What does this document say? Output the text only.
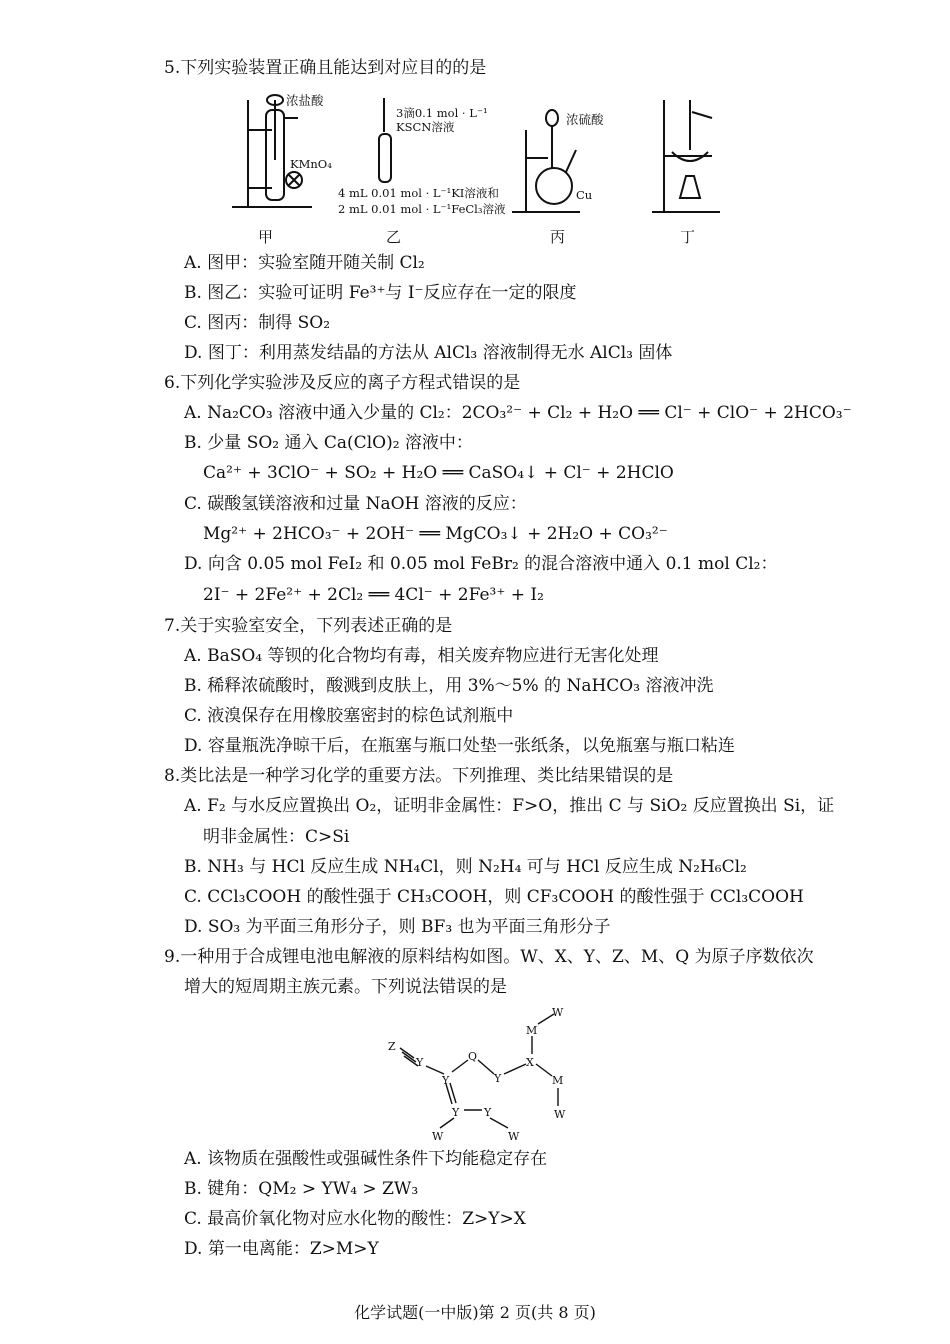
5.下列实验装置正确且能达到对应目的的是
浓盐酸
KMnO₄
3滴0.1 mol · L⁻¹
KSCN溶液
4 mL 0.01 mol · L⁻¹KI溶液和
2 mL 0.01 mol · L⁻¹FeCl₃溶液
浓硫酸
Cu
甲	乙	丙	丁
A. 图甲：实验室随开随关制 Cl₂
B. 图乙：实验可证明 Fe³⁺与 I⁻反应存在一定的限度
C. 图丙：制得 SO₂
D. 图丁：利用蒸发结晶的方法从 AlCl₃ 溶液制得无水 AlCl₃ 固体
6.下列化学实验涉及反应的离子方程式错误的是
A. Na₂CO₃ 溶液中通入少量的 Cl₂：2CO₃²⁻ + Cl₂ + H₂O ══ Cl⁻ + ClO⁻ + 2HCO₃⁻
B. 少量 SO₂ 通入 Ca(ClO)₂ 溶液中：
Ca²⁺ + 3ClO⁻ + SO₂ + H₂O ══ CaSO₄↓ + Cl⁻ + 2HClO
C. 碳酸氢镁溶液和过量 NaOH 溶液的反应：
Mg²⁺ + 2HCO₃⁻ + 2OH⁻ ══ MgCO₃↓ + 2H₂O + CO₃²⁻
D. 向含 0.05 mol FeI₂ 和 0.05 mol FeBr₂ 的混合溶液中通入 0.1 mol Cl₂：
2I⁻ + 2Fe²⁺ + 2Cl₂ ══ 4Cl⁻ + 2Fe³⁺ + I₂
7.关于实验室安全，下列表述正确的是
A. BaSO₄ 等钡的化合物均有毒，相关废弃物应进行无害化处理
B. 稀释浓硫酸时，酸溅到皮肤上，用 3%～5% 的 NaHCO₃ 溶液冲洗
C. 液溴保存在用橡胶塞密封的棕色试剂瓶中
D. 容量瓶洗净晾干后，在瓶塞与瓶口处垫一张纸条，以免瓶塞与瓶口粘连
8.类比法是一种学习化学的重要方法。下列推理、类比结果错误的是
A. F₂ 与水反应置换出 O₂，证明非金属性：F>O，推出 C 与 SiO₂ 反应置换出 Si，证
明非金属性：C>Si
B. NH₃ 与 HCl 反应生成 NH₄Cl，则 N₂H₄ 可与 HCl 反应生成 N₂H₆Cl₂
C. CCl₃COOH 的酸性强于 CH₃COOH，则 CF₃COOH 的酸性强于 CCl₃COOH
D. SO₃ 为平面三角形分子，则 BF₃ 也为平面三角形分子
9.一种用于合成锂电池电解液的原料结构如图。W、X、Y、Z、M、Q 为原子序数依次
增大的短周期主族元素。下列说法错误的是
W
M
Z
Y	Q
Y
X
M
W
Y
Y Y
W	W
A. 该物质在强酸性或强碱性条件下均能稳定存在
B. 键角：QM₂ > YW₄ > ZW₃
C. 最高价氧化物对应水化物的酸性：Z>Y>X
D. 第一电离能：Z>M>Y
化学试题(一中版)第 2 页(共 8 页)
